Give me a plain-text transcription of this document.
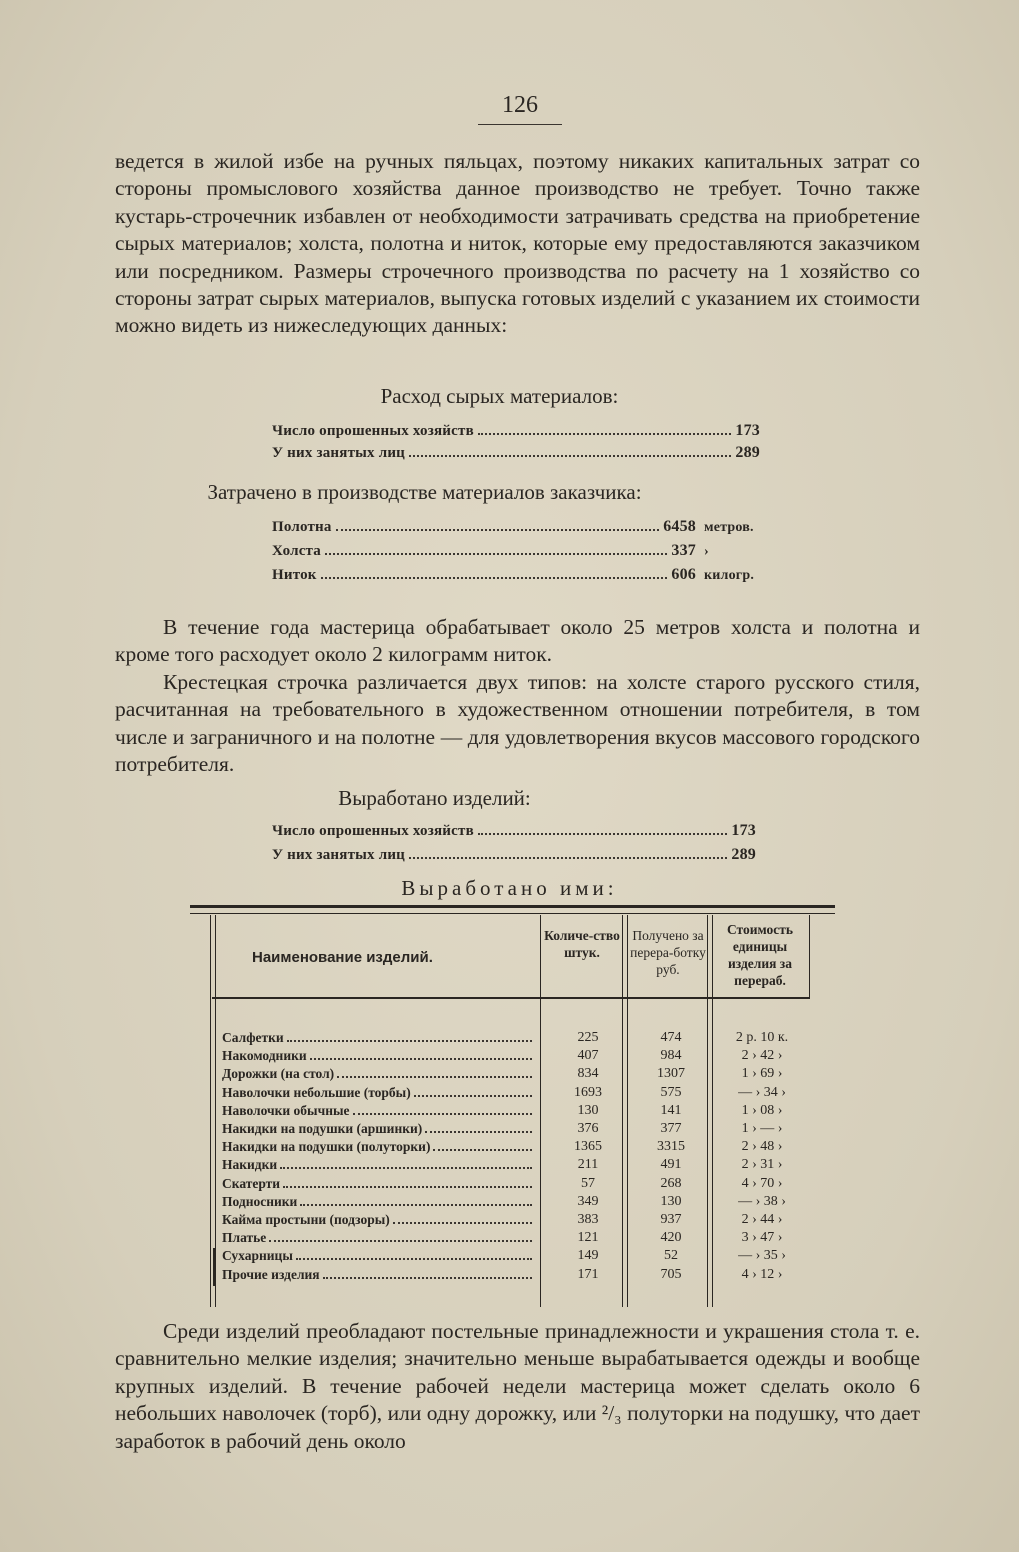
126
ведется в жилой избе на ручных пяльцах, поэтому никаких капитальных затрат со стороны промыслового хозяйства данное производство не требует. Точно также кустарь-строчечник избавлен от необходимости затрачивать средства на приобретение сырых материалов; холста, полотна и ниток, которые ему предоставляются заказчиком или посредником. Размеры строчечного производства по расчету на 1 хозяйство со стороны затрат сырых материалов, выпуска готовых изделий с указанием их стоимости можно видеть из нижеследующих данных:
Расход сырых материалов:
Число опрошенных хозяйств	173
У них занятых лиц	289
Затрачено в производстве материалов заказчика:
Полотна	6458 метров.
Холста	337 ›
Ниток	606 килогр.
В течение года мастерица обрабатывает около 25 метров холста и полотна и кроме того расходует около 2 килограмм ниток.
Крестецкая строчка различается двух типов: на холсте старого русского стиля, расчитанная на требовательного в художественном отношении потребителя, в том числе и заграничного и на полотне — для удовлетворения вкусов массового городского потребителя.
Выработано изделий:
Число опрошенных хозяйств	173
У них занятых лиц	289
Выработано ими:
Наименование изделий.
Количе-ство штук.
Получено за перера-ботку руб.
Стоимость единицы изделия за перераб.
Салфетки	225	474	2 р. 10 к.
Накомодники	407	984	2 › 42 ›
Дорожки (на стол)	834	1307	1 › 69 ›
Наволочки небольшие (торбы)	1693	575	— › 34 ›
Наволочки обычные	130	141	1 › 08 ›
Накидки на подушки (аршинки)	376	377	1 › — ›
Накидки на подушки (полуторки)	1365	3315	2 › 48 ›
Накидки	211	491	2 › 31 ›
Скатерти	57	268	4 › 70 ›
Подносники	349	130	— › 38 ›
Кайма простыни (подзоры)	383	937	2 › 44 ›
Платье	121	420	3 › 47 ›
Сухарницы	149	52	— › 35 ›
Прочие изделия	171	705	4 › 12 ›
Среди изделий преобладают постельные принадлежности и украшения стола т. е. сравнительно мелкие изделия; значительно меньше вырабатывается одежды и вообще крупных изделий. В течение рабочей недели мастерица может сделать около 6 небольших наволочек (торб), или одну дорожку, или ²/₃ полуторки на подушку, что дает заработок в рабочий день около
